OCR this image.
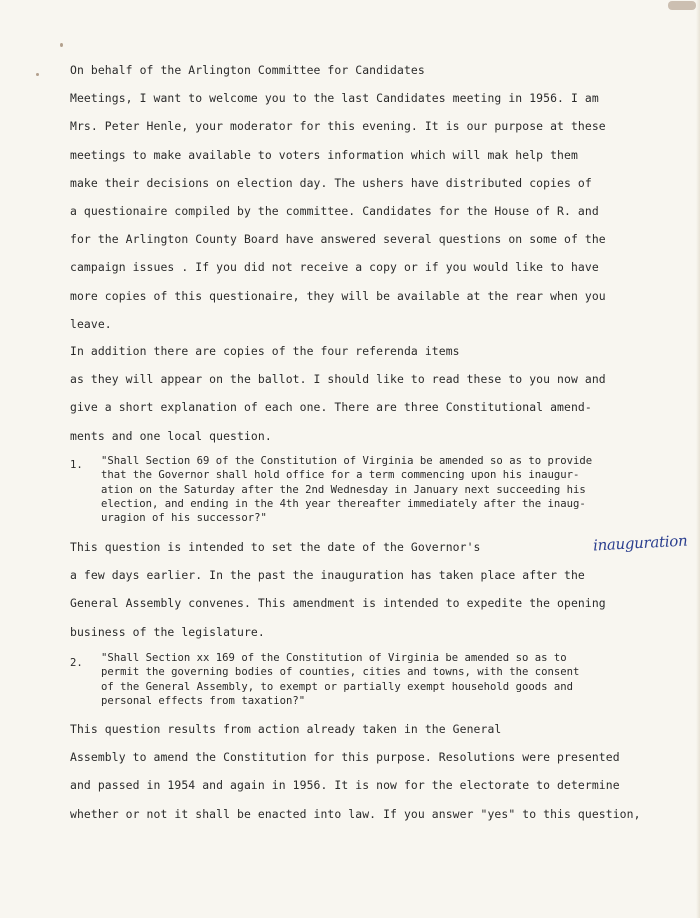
On behalf of the Arlington Committee for Candidates
Meetings, I want to welcome you to the last Candidates meeting in 1956. I am
Mrs. Peter Henle, your moderator for this evening. It is our purpose at these
meetings to make available to voters information which will mak help them
make their decisions on election day. The ushers have distributed copies of
a questionaire compiled by the committee. Candidates for the House of R. and
for the Arlington County Board have answered several questions on some of the
campaign issues . If you did not receive a copy or if you would like to have
more copies of this questionaire, they will be available at the rear when you
leave.
In addition there are copies of the four referenda items
as they will appear on the ballot. I should like to read these to you now and
give a short explanation of each one. There are three Constitutional amend-
ments and one local question.
1. "Shall Section 69 of the Constitution of Virginia be amended so as to provide
that the Governor shall hold office for a term commencing upon his inaugur-
ation on the Saturday after the 2nd Wednesday in January next succeeding his
election, and ending in the 4th year thereafter immediately after the inaug-
uragion of his successor?"
This question is intended to set the date of the Governor's
a few days earlier. In the past the inauguration has taken place after the
General Assembly convenes. This amendment is intended to expedite the opening
business of the legislature.
inauguration
2. "Shall Section xx 169 of the Constitution of Virginia be amended so as to
permit the governing bodies of counties, cities and towns, with the consent
of the General Assembly, to exempt or partially exempt household goods and
personal effects from taxation?"
This question results from action already taken in the General
Assembly to amend the Constitution for this purpose. Resolutions were presented
and passed in 1954 and again in 1956. It is now for the electorate to determine
whether or not it shall be enacted into law. If you answer "yes" to this question,
